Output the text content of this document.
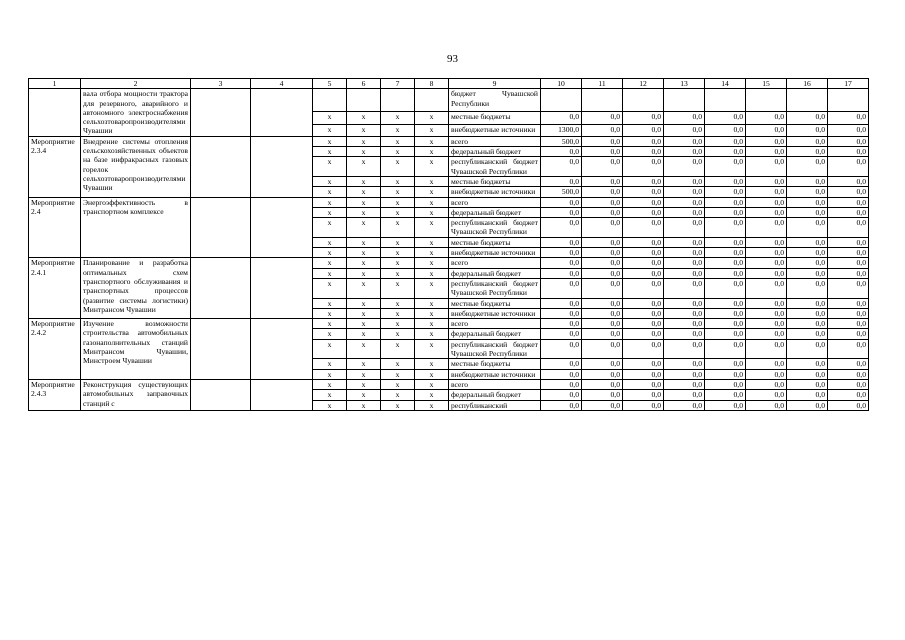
93
1	2	3	4	5	6	7	8	9	10	11	12	13	14	15	16	17
	вала отбора мощности трактора для резервного, аварийного и автономного электроснабжения сельхозтоваропроизводителями Чувашии							бюджет Чувашской Республики								
				х	х	х	х	местные бюджеты	0,0	0,0	0,0	0,0	0,0	0,0	0,0	0,0
				х	х	х	х	внебюджетные источники	1300,0	0,0	0,0	0,0	0,0	0,0	0,0	0,0
Мероприятие 2.3.4	Внедрение системы отопления сельскохозяйственных объектов на базе инфракрасных газовых горелок сельхозтоваропроизводителями Чувашии			х	х	х	х	всего	500,0	0,0	0,0	0,0	0,0	0,0	0,0	0,0
				х	х	х	х	федеральный бюджет	0,0	0,0	0,0	0,0	0,0	0,0	0,0	0,0
				х	х	х	х	республиканский бюджет Чувашской Республики	0,0	0,0	0,0	0,0	0,0	0,0	0,0	0,0
				х	х	х	х	местные бюджеты	0,0	0,0	0,0	0,0	0,0	0,0	0,0	0,0
				х	х	х	х	внебюджетные источники	500,0	0,0	0,0	0,0	0,0	0,0	0,0	0,0
Мероприятие 2.4	Энергоэффективность в транспортном комплексе			х	х	х	х	всего	0,0	0,0	0,0	0,0	0,0	0,0	0,0	0,0
				х	х	х	х	федеральный бюджет	0,0	0,0	0,0	0,0	0,0	0,0	0,0	0,0
				х	х	х	х	республиканский бюджет Чувашской Республики	0,0	0,0	0,0	0,0	0,0	0,0	0,0	0,0
				х	х	х	х	местные бюджеты	0,0	0,0	0,0	0,0	0,0	0,0	0,0	0,0
				х	х	х	х	внебюджетные источники	0,0	0,0	0,0	0,0	0,0	0,0	0,0	0,0
Мероприятие 2.4.1	Планирование и разработка оптимальных схем транспортного обслуживания и транспортных процессов (развитие системы логистики) Минтрансом Чувашии			х	х	х	х	всего	0,0	0,0	0,0	0,0	0,0	0,0	0,0	0,0
				х	х	х	х	федеральный бюджет	0,0	0,0	0,0	0,0	0,0	0,0	0,0	0,0
				х	х	х	х	республиканский бюджет Чувашской Республики	0,0	0,0	0,0	0,0	0,0	0,0	0,0	0,0
				х	х	х	х	местные бюджеты	0,0	0,0	0,0	0,0	0,0	0,0	0,0	0,0
				х	х	х	х	внебюджетные источники	0,0	0,0	0,0	0,0	0,0	0,0	0,0	0,0
Мероприятие 2.4.2	Изучение возможности строительства автомобильных газонаполнительных станций Минтрансом Чувашии, Минстроем Чувашии			х	х	х	х	всего	0,0	0,0	0,0	0,0	0,0	0,0	0,0	0,0
				х	х	х	х	федеральный бюджет	0,0	0,0	0,0	0,0	0,0	0,0	0,0	0,0
				х	х	х	х	республиканский бюджет Чувашской Республики	0,0	0,0	0,0	0,0	0,0	0,0	0,0	0,0
				х	х	х	х	местные бюджеты	0,0	0,0	0,0	0,0	0,0	0,0	0,0	0,0
				х	х	х	х	внебюджетные источники	0,0	0,0	0,0	0,0	0,0	0,0	0,0	0,0
Мероприятие 2.4.3	Реконструкция существующих автомобильных заправочных станций с			х	х	х	х	всего	0,0	0,0	0,0	0,0	0,0	0,0	0,0	0,0
				х	х	х	х	федеральный бюджет	0,0	0,0	0,0	0,0	0,0	0,0	0,0	0,0
				х	х	х	х	республиканский	0,0	0,0	0,0	0,0	0,0	0,0	0,0	0,0
